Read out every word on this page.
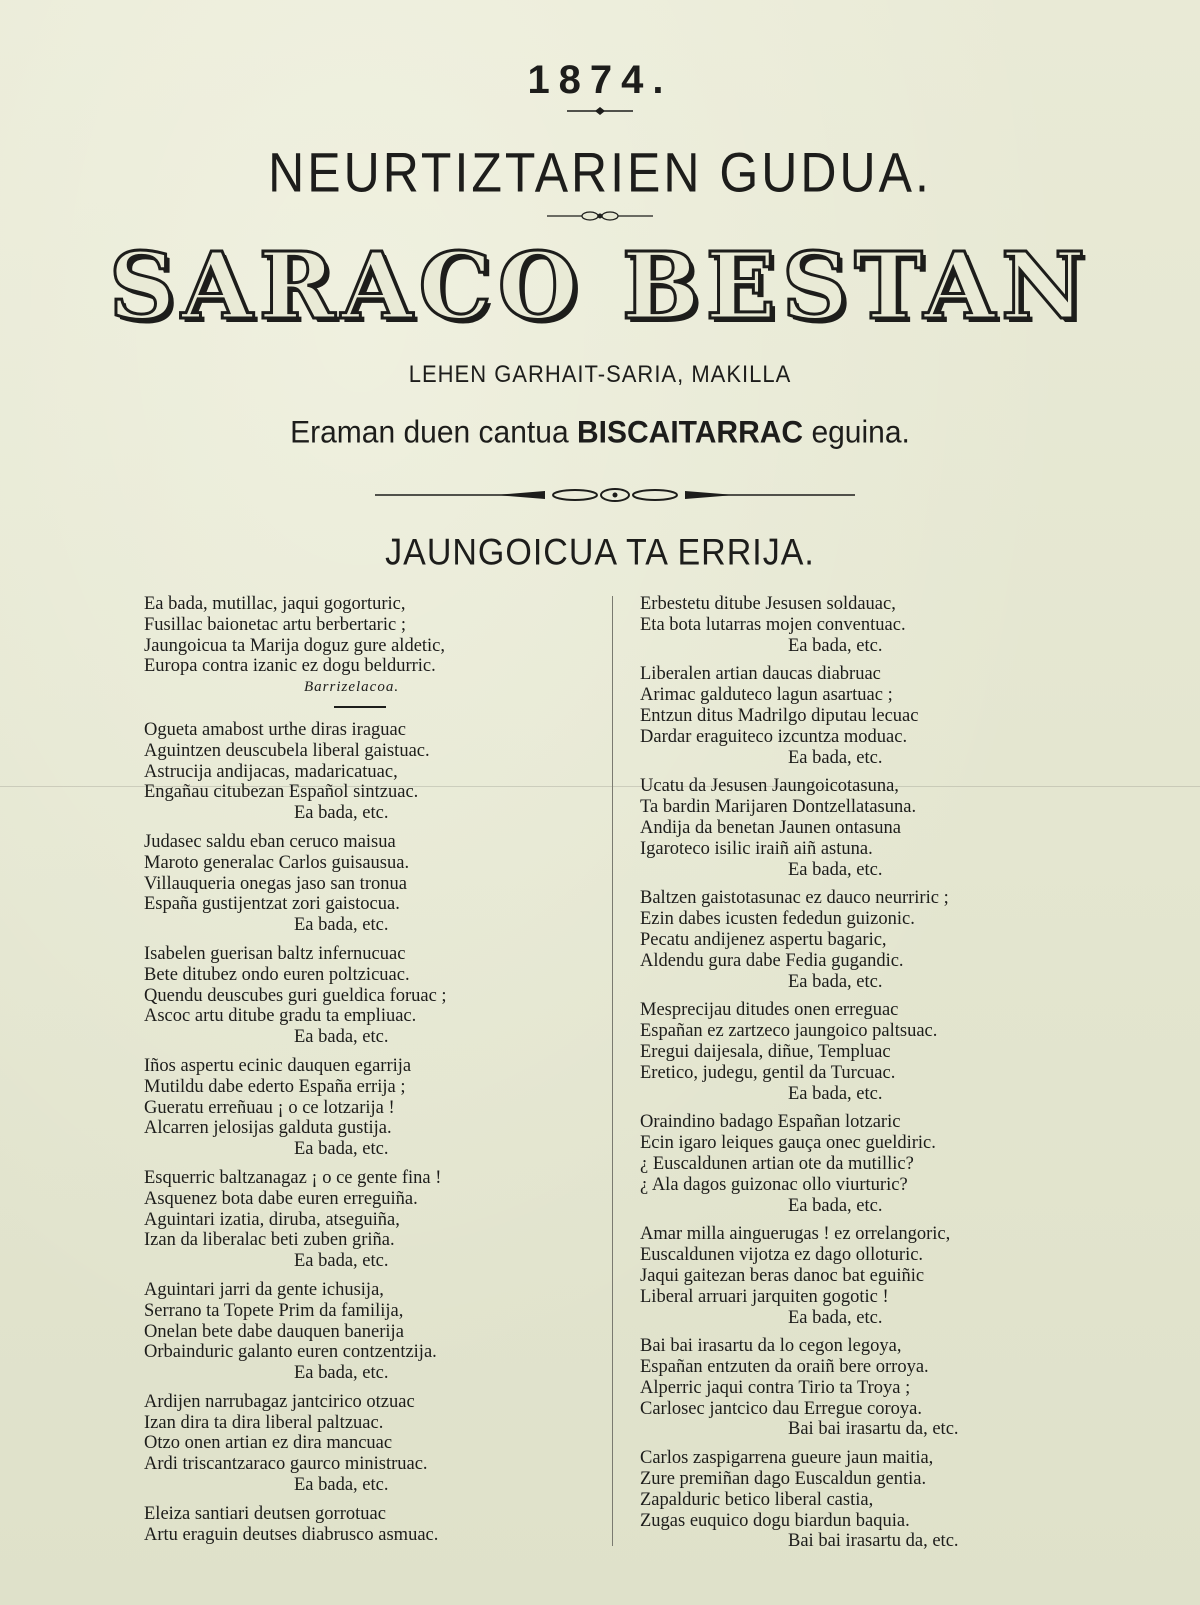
1874.
NEURTIZTARIEN GUDUA.
SARACO BESTAN
LEHEN GARHAIT-SARIA, MAKILLA
Eraman duen cantua BISCAITARRAC eguina.
JAUNGOICUA TA ERRIJA.
Ea bada, mutillac, jaqui gogorturic,
Fusillac baionetac artu berbertaric ;
Jaungoicua ta Marija doguz gure aldetic,
Europa contra izanic ez dogu beldurric.
Barrizelacoa.
Ogueta amabost urthe diras iraguac
Aguintzen deuscubela liberal gaistuac.
Astrucija andijacas, madaricatuac,
Engañau citubezan Español sintzuac.
Ea bada, etc.
Judasec saldu eban ceruco maisua
Maroto generalac Carlos guisausua.
Villauqueria onegas jaso san tronua
España gustijentzat zori gaistocua.
Ea bada, etc.
Isabelen guerisan baltz infernucuac
Bete ditubez ondo euren poltzicuac.
Quendu deuscubes guri gueldica foruac ;
Ascoc artu ditube gradu ta empliuac.
Ea bada, etc.
Iños aspertu ecinic dauquen egarrija
Mutildu dabe ederto España errija ;
Gueratu erreñuau ¡ o ce lotzarija !
Alcarren jelosijas galduta gustija.
Ea bada, etc.
Esquerric baltzanagaz ¡ o ce gente fina !
Asquenez bota dabe euren erreguiña.
Aguintari izatia, diruba, atseguiña,
Izan da liberalac beti zuben griña.
Ea bada, etc.
Aguintari jarri da gente ichusija,
Serrano ta Topete Prim da familija,
Onelan bete dabe dauquen banerija
Orbainduric galanto euren contzentzija.
Ea bada, etc.
Ardijen narrubagaz jantcirico otzuac
Izan dira ta dira liberal paltzuac.
Otzo onen artian ez dira mancuac
Ardi triscantzaraco gaurco ministruac.
Ea bada, etc.
Eleiza santiari deutsen gorrotuac
Artu eraguin deutses diabrusco asmuac.
Erbestetu ditube Jesusen soldauac,
Eta bota lutarras mojen conventuac.
Ea bada, etc.
Liberalen artian daucas diabruac
Arimac galduteco lagun asartuac ;
Entzun ditus Madrilgo diputau lecuac
Dardar eraguiteco izcuntza moduac.
Ea bada, etc.
Ucatu da Jesusen Jaungoicotasuna,
Ta bardin Marijaren Dontzellatasuna.
Andija da benetan Jaunen ontasuna
Igaroteco isilic iraiñ aiñ astuna.
Ea bada, etc.
Baltzen gaistotasunac ez dauco neurriric ;
Ezin dabes icusten fededun guizonic.
Pecatu andijenez aspertu bagaric,
Aldendu gura dabe Fedia gugandic.
Ea bada, etc.
Mesprecijau ditudes onen erreguac
Españan ez zartzeco jaungoico paltsuac.
Eregui daijesala, diñue, Templuac
Eretico, judegu, gentil da Turcuac.
Ea bada, etc.
Oraindino badago Españan lotzaric
Ecin igaro leiques gauça onec gueldiric.
¿ Euscaldunen artian ote da mutillic?
¿ Ala dagos guizonac ollo viurturic?
Ea bada, etc.
Amar milla ainguerugas ! ez orrelangoric,
Euscaldunen vijotza ez dago olloturic.
Jaqui gaitezan beras danoc bat eguiñic
Liberal arruari jarquiten gogotic !
Ea bada, etc.
Bai bai irasartu da lo cegon legoya,
Españan entzuten da oraiñ bere orroya.
Alperric jaqui contra Tirio ta Troya ;
Carlosec jantcico dau Erregue coroya.
Bai bai irasartu da, etc.
Carlos zaspigarrena gueure jaun maitia,
Zure premiñan dago Euscaldun gentia.
Zapalduric betico liberal castia,
Zugas euquico dogu biardun baquia.
Bai bai irasartu da, etc.
